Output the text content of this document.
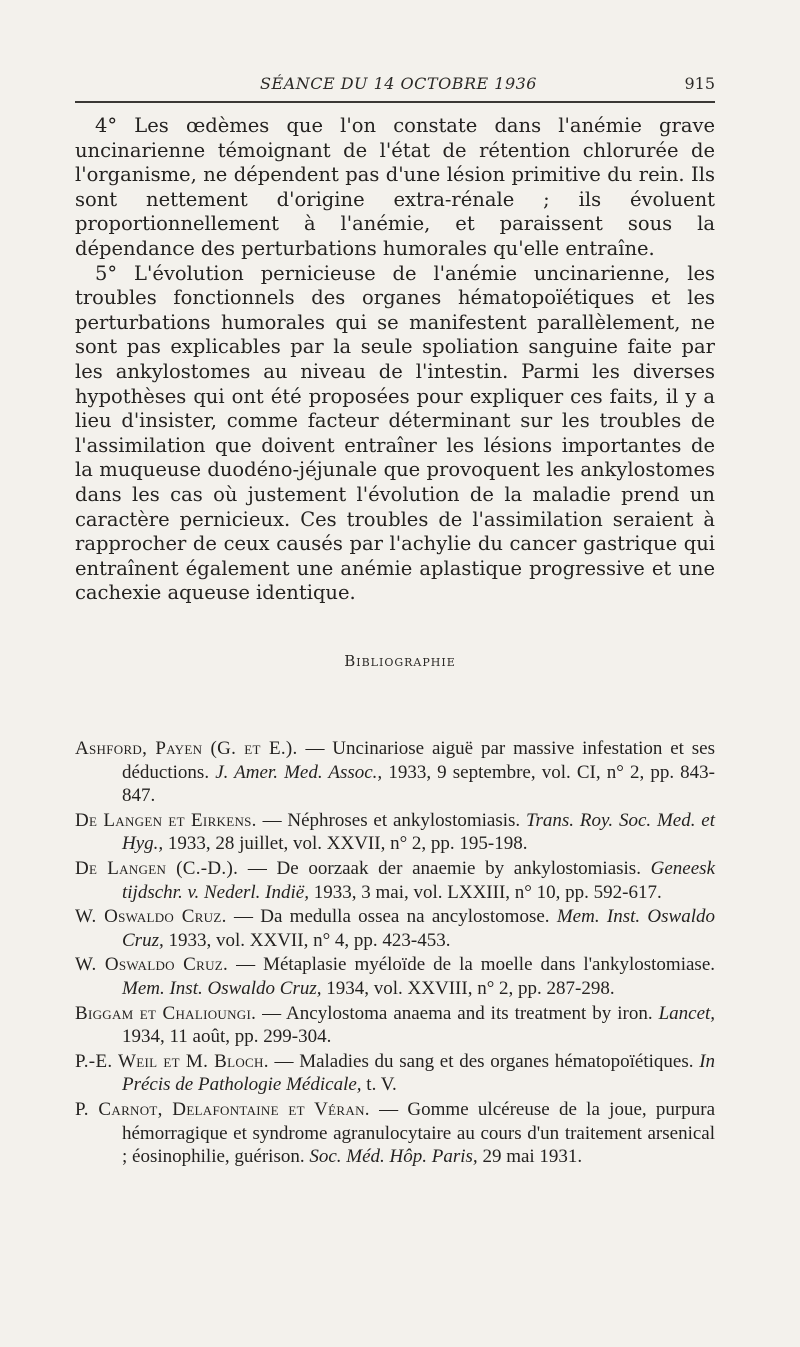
SÉANCE DU 14 OCTOBRE 1936	915

4° Les œdèmes que l'on constate dans l'anémie grave uncinarienne témoignant de l'état de rétention chlorurée de l'organisme, ne dépendent pas d'une lésion primitive du rein. Ils sont nettement d'origine extra-rénale ; ils évoluent proportionnellement à l'anémie, et paraissent sous la dépendance des perturbations humorales qu'elle entraîne.

5° L'évolution pernicieuse de l'anémie uncinarienne, les troubles fonctionnels des organes hématopoïétiques et les perturbations humorales qui se manifestent parallèlement, ne sont pas explicables par la seule spoliation sanguine faite par les ankylostomes au niveau de l'intestin. Parmi les diverses hypothèses qui ont été proposées pour expliquer ces faits, il y a lieu d'insister, comme facteur déterminant sur les troubles de l'assimilation que doivent entraîner les lésions importantes de la muqueuse duodéno-jéjunale que provoquent les ankylostomes dans les cas où justement l'évolution de la maladie prend un caractère pernicieux. Ces troubles de l'assimilation seraient à rapprocher de ceux causés par l'achylie du cancer gastrique qui entraînent également une anémie aplastique progressive et une cachexie aqueuse identique.

Bibliographie

Ashford, Payen (G. et E.). — Uncinariose aiguë par massive infestation et ses déductions. J. Amer. Med. Assoc., 1933, 9 septembre, vol. CI, n° 2, pp. 843-847.

De Langen et Eirkens. — Néphroses et ankylostomiasis. Trans. Roy. Soc. Med. et Hyg., 1933, 28 juillet, vol. XXVII, n° 2, pp. 195-198.

De Langen (C.-D.). — De oorzaak der anaemie by ankylostomiasis. Geneesk tijdschr. v. Nederl. Indië, 1933, 3 mai, vol. LXXIII, n° 10, pp. 592-617.

W. Oswaldo Cruz. — Da medulla ossea na ancylostomose. Mem. Inst. Oswaldo Cruz, 1933, vol. XXVII, n° 4, pp. 423-453.

W. Oswaldo Cruz. — Métaplasie myéloïde de la moelle dans l'ankylostomiase. Mem. Inst. Oswaldo Cruz, 1934, vol. XXVIII, n° 2, pp. 287-298.

Biggam et Chalioungi. — Ancylostoma anaema and its treatment by iron. Lancet, 1934, 11 août, pp. 299-304.

P.-E. Weil et M. Bloch. — Maladies du sang et des organes hématopoïétiques. In Précis de Pathologie Médicale, t. V.

P. Carnot, Delafontaine et Véran. — Gomme ulcéreuse de la joue, purpura hémorragique et syndrome agranulocytaire au cours d'un traitement arsenical ; éosinophilie, guérison. Soc. Méd. Hôp. Paris, 29 mai 1931.
